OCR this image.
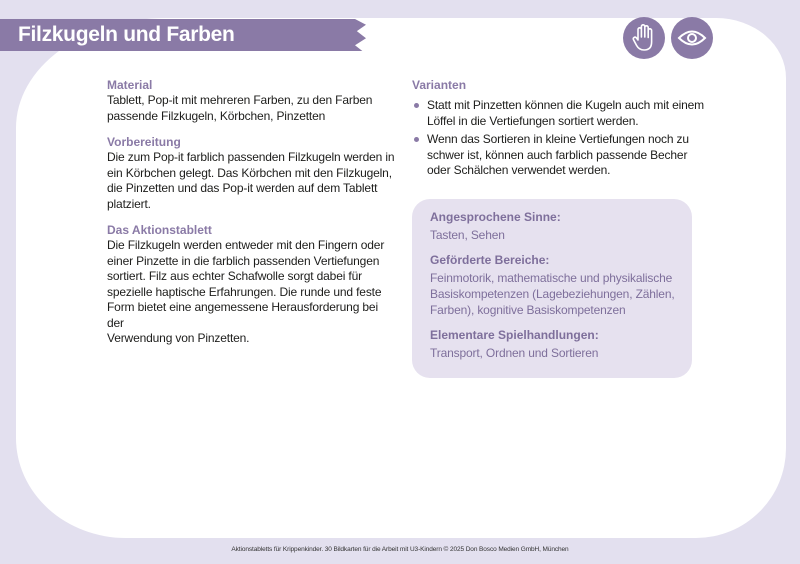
Filzkugeln und Farben
Material
Tablett, Pop-it mit mehreren Farben, zu den Farben
passende Filzkugeln, Körbchen, Pinzetten
Vorbereitung
Die zum Pop-it farblich passenden Filzkugeln werden in
ein Körbchen gelegt. Das Körbchen mit den Filzkugeln,
die Pinzetten und das Pop-it werden auf dem Tablett
platziert.
Das Aktionstablett
Die Filzkugeln werden entweder mit den Fingern oder
einer Pinzette in die farblich passenden Vertiefungen
sortiert. Filz aus echter Schafwolle sorgt dabei für
spezielle haptische Erfahrungen. Die runde und feste
Form bietet eine angemessene Herausforderung bei der
Verwendung von Pinzetten.
Varianten
Statt mit Pinzetten können die Kugeln auch mit einem
Löffel in die Vertiefungen sortiert werden.
Wenn das Sortieren in kleine Vertiefungen noch zu
schwer ist, können auch farblich passende Becher
oder Schälchen verwendet werden.
Angesprochene Sinne:
Tasten, Sehen
Geförderte Bereiche:
Feinmotorik, mathematische und physikalische
Basiskompetenzen (Lagebeziehungen, Zählen,
Farben), kognitive Basiskompetenzen
Elementare Spielhandlungen:
Transport, Ordnen und Sortieren
Aktionstabletts für Krippenkinder. 30 Bildkarten für die Arbeit mit U3-Kindern © 2025 Don Bosco Medien GmbH, München
